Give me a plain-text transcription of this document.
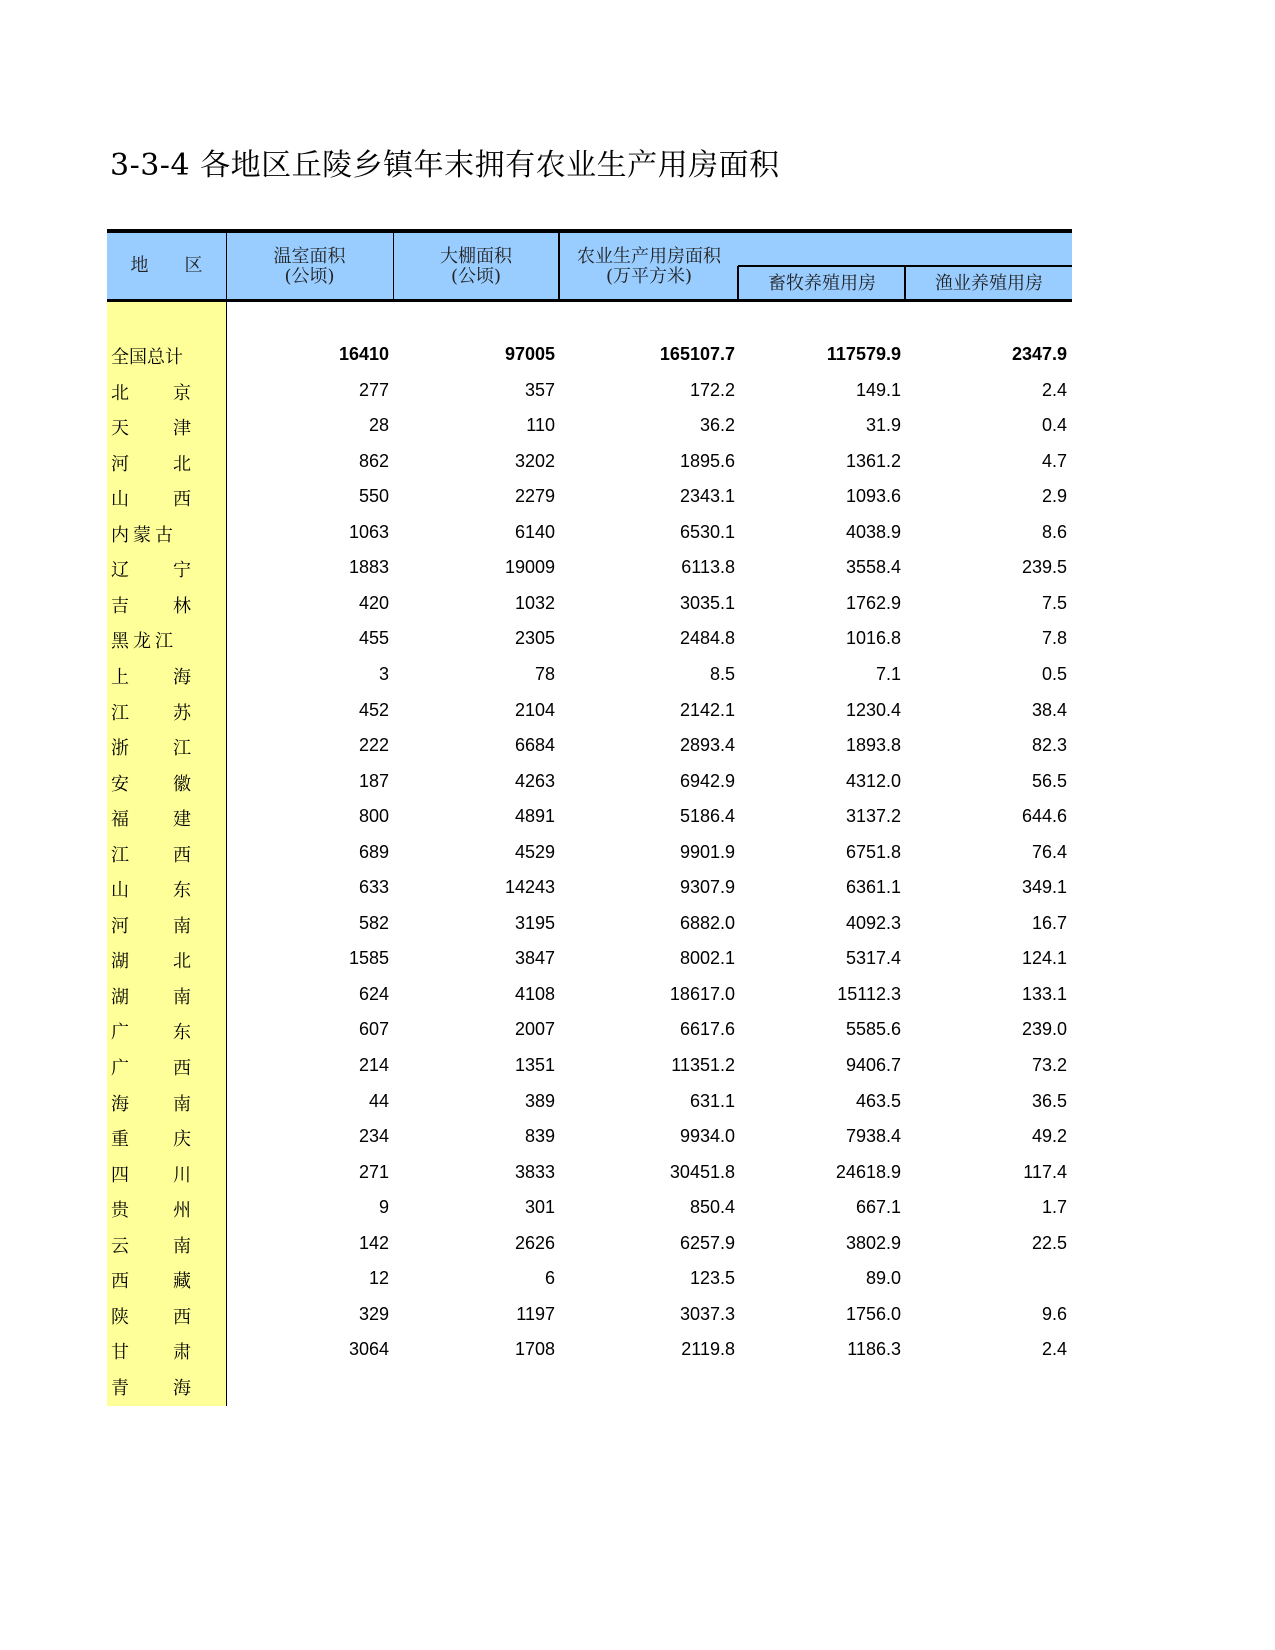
3-3-4 各地区丘陵乡镇年末拥有农业生产用房面积
地　　区	温室面积
(公顷)
大棚面积
(公顷)
农业生产用房面积
(万平方米)	畜牧养殖用房	渔业养殖用房
全国总计	16410	97005	165107.7	117579.9	2347.9
北京	277	357	172.2	149.1	2.4
天津	28	110	36.2	31.9	0.4
河北	862	3202	1895.6	1361.2	4.7
山西	550	2279	2343.1	1093.6	2.9
内蒙古	1063	6140	6530.1	4038.9	8.6
辽宁	1883	19009	6113.8	3558.4	239.5
吉林	420	1032	3035.1	1762.9	7.5
黑龙江	455	2305	2484.8	1016.8	7.8
上海	3	78	8.5	7.1	0.5
江苏	452	2104	2142.1	1230.4	38.4
浙江	222	6684	2893.4	1893.8	82.3
安徽	187	4263	6942.9	4312.0	56.5
福建	800	4891	5186.4	3137.2	644.6
江西	689	4529	9901.9	6751.8	76.4
山东	633	14243	9307.9	6361.1	349.1
河南	582	3195	6882.0	4092.3	16.7
湖北	1585	3847	8002.1	5317.4	124.1
湖南	624	4108	18617.0	15112.3	133.1
广东	607	2007	6617.6	5585.6	239.0
广西	214	1351	11351.2	9406.7	73.2
海南	44	389	631.1	463.5	36.5
重庆	234	839	9934.0	7938.4	49.2
四川	271	3833	30451.8	24618.9	117.4
贵州	9	301	850.4	667.1	1.7
云南	142	2626	6257.9	3802.9	22.5
西藏	12	6	123.5	89.0
陕西	329	1197	3037.3	1756.0	9.6
甘肃	3064	1708	2119.8	1186.3	2.4
青海
